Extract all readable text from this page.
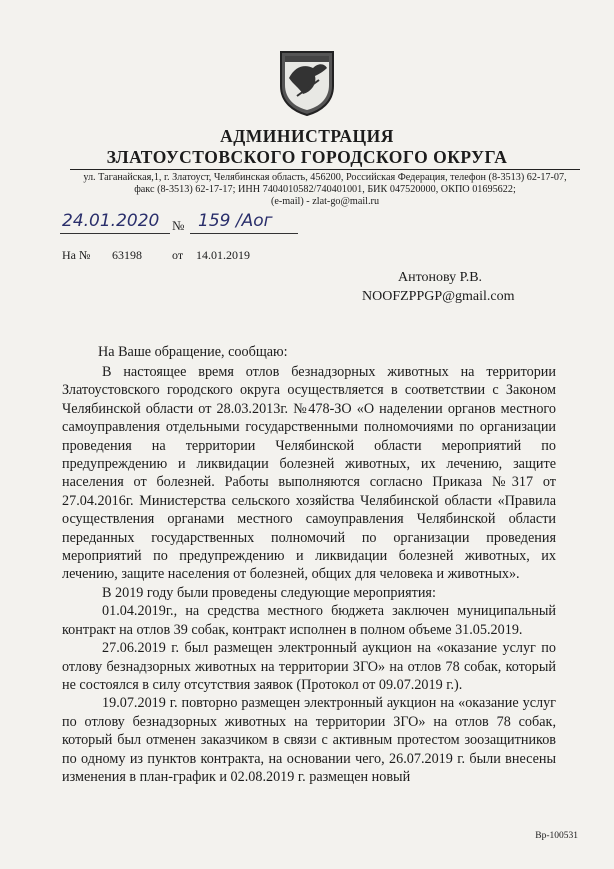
АДМИНИСТРАЦИЯ
ЗЛАТОУСТОВСКОГО ГОРОДСКОГО ОКРУГА
ул. Таганайская,1, г. Златоуст, Челябинская область, 456200, Российская Федерация, телефон (8-3513) 62-17-07,
факс (8-3513) 62-17-17; ИНН 7404010582/740401001, БИК 047520000, ОКПО 01695622;
(e-mail) - zlat-go@mail.ru
24.01.2020 № 159 /Аог
На № 63198	от 14.01.2019
Антонову Р.В.
NOOFZPPGP@gmail.com
На Ваше обращение, сообщаю:

В настоящее время отлов безнадзорных животных на территории Златоустовского городского округа осуществляется в соответствии с Законом Челябинской области от 28.03.2013г. №478-ЗО «О наделении органов местного самоуправления отдельными государственными полномочиями по организации проведения на территории Челябинской области мероприятий по предупреждению и ликвидации болезней животных, их лечению, защите населения от болезней. Работы выполняются согласно Приказа №317 от 27.04.2016г. Министерства сельского хозяйства Челябинской области «Правила осуществления органами местного самоуправления Челябинской области переданных государственных полномочий по организации проведения мероприятий по предупреждению и ликвидации болезней животных, их лечению, защите населения от болезней, общих для человека и животных».

В 2019 году были проведены следующие мероприятия:

01.04.2019г., на средства местного бюджета заключен муниципальный контракт на отлов 39 собак, контракт исполнен в полном объеме 31.05.2019.

27.06.2019 г. был размещен электронный аукцион на «оказание услуг по отлову безнадзорных животных на территории ЗГО» на отлов 78 собак, который не состоялся в силу отсутствия заявок (Протокол от 09.07.2019 г.).

19.07.2019 г. повторно размещен электронный аукцион на «оказание услуг по отлову безнадзорных животных на территории ЗГО» на отлов 78 собак, который был отменен заказчиком в связи с активным протестом зоозащитников по одному из пунктов контракта, на основании чего, 26.07.2019 г. были внесены изменения в план-график и 02.08.2019 г. размещен новый

Вр-100531
